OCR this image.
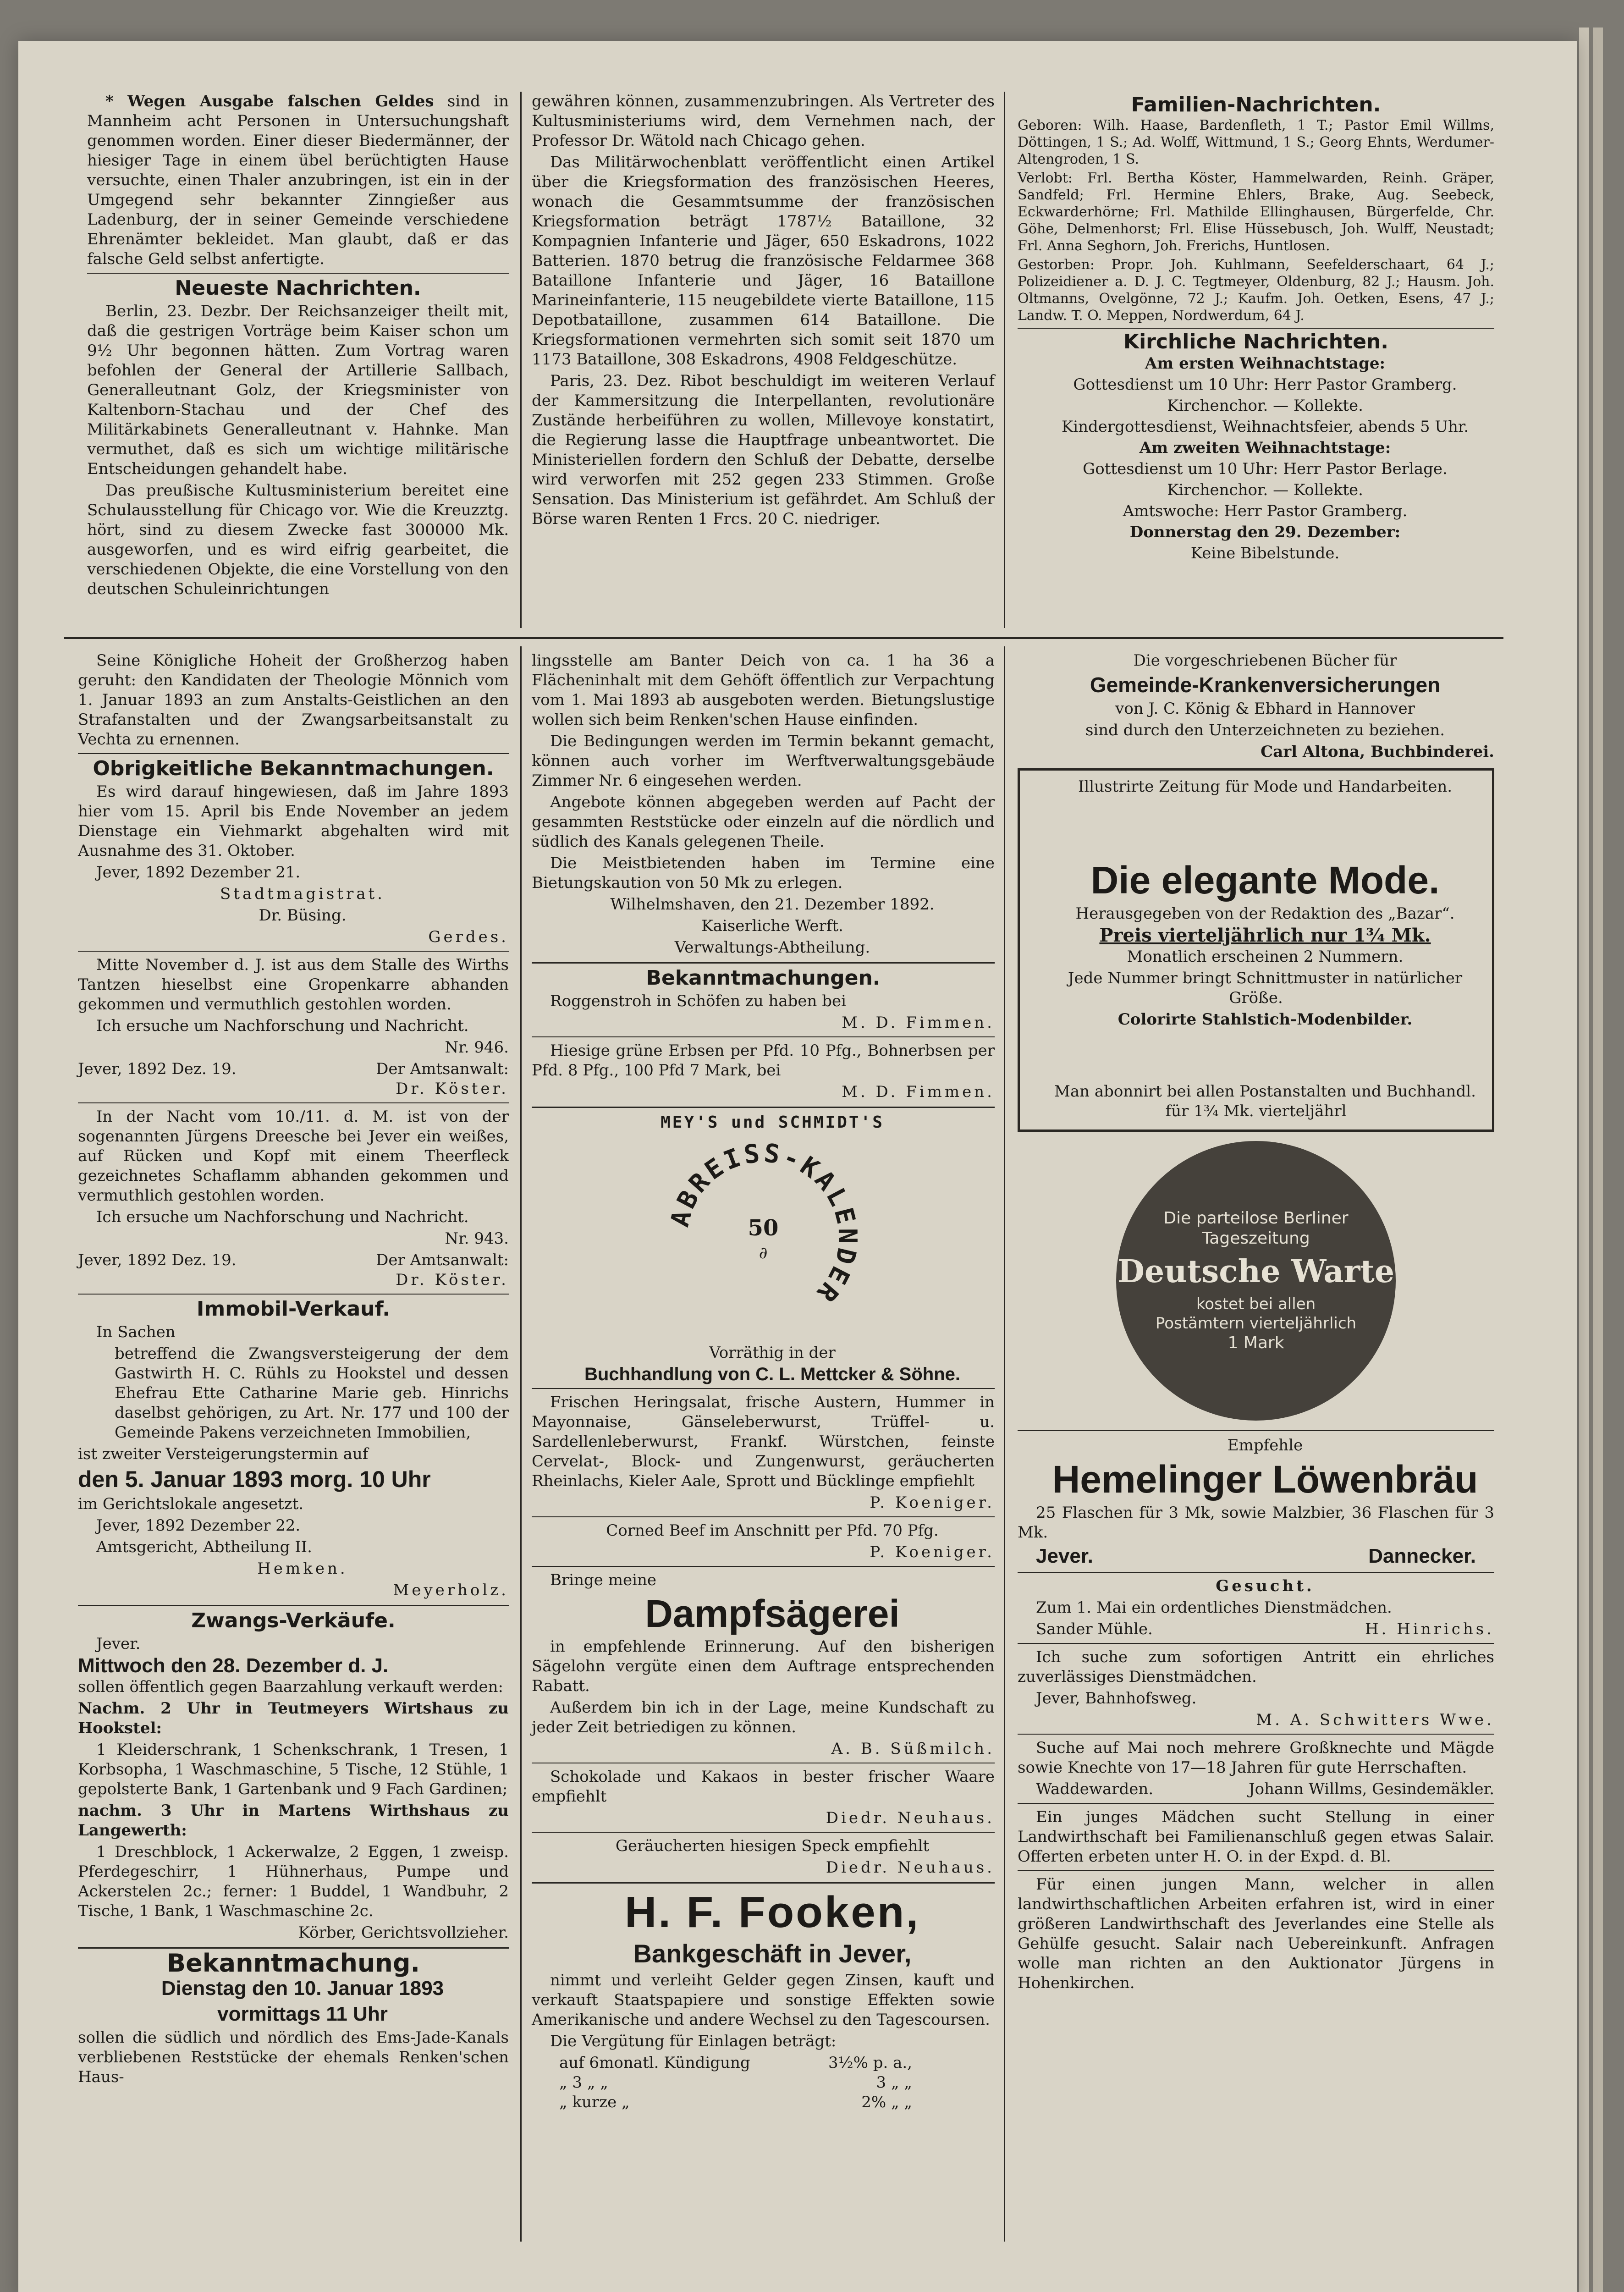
* Wegen Ausgabe falschen Geldes sind in Mannheim acht Personen in Untersuchungshaft genommen worden. Einer dieser Biedermänner, der hiesiger Tage in einem übel berüchtigten Hause versuchte, einen Thaler anzubringen, ist ein in der Umgegend sehr bekannter Zinngießer aus Ladenburg, der in seiner Gemeinde verschiedene Ehrenämter bekleidet. Man glaubt, daß er das falsche Geld selbst anfertigte.

Neueste Nachrichten.

Berlin, 23. Dezbr. Der Reichsanzeiger theilt mit, daß die gestrigen Vorträge beim Kaiser schon um 9½ Uhr begonnen hätten. Zum Vortrag waren befohlen der General der Artillerie Sallbach, Generalleutnant Golz, der Kriegsminister von Kaltenborn-Stachau und der Chef des Militärkabinets Generalleutnant v. Hahnke. Man vermuthet, daß es sich um wichtige militärische Entscheidungen gehandelt habe.

Das preußische Kultusministerium bereitet eine Schulausstellung für Chicago vor. Wie die Kreuzztg. hört, sind zu diesem Zwecke fast 300000 Mk. ausgeworfen, und es wird eifrig gearbeitet, die verschiedenen Objekte, die eine Vorstellung von den deutschen Schuleinrichtungen

gewähren können, zusammenzubringen. Als Vertreter des Kultusministeriums wird, dem Vernehmen nach, der Professor Dr. Wätold nach Chicago gehen.

Das Militärwochenblatt veröffentlicht einen Artikel über die Kriegsformation des französischen Heeres, wonach die Gesammtsumme der französischen Kriegsformation beträgt 1787½ Bataillone, 32 Kompagnien Infanterie und Jäger, 650 Eskadrons, 1022 Batterien. 1870 betrug die französische Feldarmee 368 Bataillone Infanterie und Jäger, 16 Bataillone Marineinfanterie, 115 neugebildete vierte Bataillone, 115 Depotbataillone, zusammen 614 Bataillone. Die Kriegsformationen vermehrten sich somit seit 1870 um 1173 Bataillone, 308 Eskadrons, 4908 Feldgeschütze.

Paris, 23. Dez. Ribot beschuldigt im weiteren Verlauf der Kammersitzung die Interpellanten, revolutionäre Zustände herbeiführen zu wollen, Millevoye konstatirt, die Regierung lasse die Hauptfrage unbeantwortet. Die Ministeriellen fordern den Schluß der Debatte, derselbe wird verworfen mit 252 gegen 233 Stimmen. Große Sensation. Das Ministerium ist gefährdet. Am Schluß der Börse waren Renten 1 Frcs. 20 C. niedriger.

Familien-Nachrichten.

Geboren: Wilh. Haase, Bardenfleth, 1 T.; Pastor Emil Willms, Döttingen, 1 S.; Ad. Wolff, Wittmund, 1 S.; Georg Ehnts, Werdumer-Altengroden, 1 S.

Verlobt: Frl. Bertha Köster, Hammelwarden, Reinh. Gräper, Sandfeld; Frl. Hermine Ehlers, Brake, Aug. Seebeck, Eckwarderhörne; Frl. Mathilde Ellinghausen, Bürgerfelde, Chr. Göhe, Delmenhorst; Frl. Elise Hüssebusch, Joh. Wulff, Neustadt; Frl. Anna Seghorn, Joh. Frerichs, Huntlosen.

Gestorben: Propr. Joh. Kuhlmann, Seefelderschaart, 64 J.; Polizeidiener a. D. J. C. Tegtmeyer, Oldenburg, 82 J.; Hausm. Joh. Oltmanns, Ovelgönne, 72 J.; Kaufm. Joh. Oetken, Esens, 47 J.; Landw. T. O. Meppen, Nordwerdum, 64 J.

Kirchliche Nachrichten.

Am ersten Weihnachtstage:

Gottesdienst um 10 Uhr: Herr Pastor Gramberg.

Kirchenchor. — Kollekte.

Kindergottesdienst, Weihnachtsfeier, abends 5 Uhr.

Am zweiten Weihnachtstage:

Gottesdienst um 10 Uhr: Herr Pastor Berlage.

Kirchenchor. — Kollekte.

Amtswoche: Herr Pastor Gramberg.

Donnerstag den 29. Dezember:

Keine Bibelstunde.

Seine Königliche Hoheit der Großherzog haben geruht: den Kandidaten der Theologie Mönnich vom 1. Januar 1893 an zum Anstalts-Geistlichen an den Strafanstalten und der Zwangsarbeitsanstalt zu Vechta zu ernennen.

Obrigkeitliche Bekanntmachungen.

Es wird darauf hingewiesen, daß im Jahre 1893 hier vom 15. April bis Ende November an jedem Dienstage ein Viehmarkt abgehalten wird mit Ausnahme des 31. Oktober.

Jever, 1892 Dezember 21.

Stadtmagistrat.

Dr. Büsing.

Gerdes.

Mitte November d. J. ist aus dem Stalle des Wirths Tantzen hieselbst eine Gropenkarre abhanden gekommen und vermuthlich gestohlen worden.

Ich ersuche um Nachforschung und Nachricht.

Nr. 946.

Jever, 1892 Dez. 19.	Der Amtsanwalt:

Dr. Köster.

In der Nacht vom 10./11. d. M. ist von der sogenannten Jürgens Dreesche bei Jever ein weißes, auf Rücken und Kopf mit einem Theerfleck gezeichnetes Schaflamm abhanden gekommen und vermuthlich gestohlen worden.

Ich ersuche um Nachforschung und Nachricht.

Nr. 943.

Jever, 1892 Dez. 19.	Der Amtsanwalt:

Dr. Köster.

Immobil-Verkauf.

In Sachen

betreffend die Zwangsversteigerung der dem Gastwirth H. C. Rühls zu Hookstel und dessen Ehefrau Ette Catharine Marie geb. Hinrichs daselbst gehörigen, zu Art. Nr. 177 und 100 der Gemeinde Pakens verzeichneten Immobilien,

ist zweiter Versteigerungstermin auf

den 5. Januar 1893 morg. 10 Uhr

im Gerichtslokale angesetzt.

Jever, 1892 Dezember 22.

Amtsgericht, Abtheilung II.

Hemken.

Meyerholz.

Zwangs-Verkäufe.

Jever.

Mittwoch den 28. Dezember d. J.

sollen öffentlich gegen Baarzahlung verkauft werden:

Nachm. 2 Uhr in Teutmeyers Wirtshaus zu Hookstel:

1 Kleiderschrank, 1 Schenkschrank, 1 Tresen, 1 Korbsopha, 1 Waschmaschine, 5 Tische, 12 Stühle, 1 gepolsterte Bank, 1 Gartenbank und 9 Fach Gardinen;

nachm. 3 Uhr in Martens Wirthshaus zu Langewerth:

1 Dreschblock, 1 Ackerwalze, 2 Eggen, 1 zweisp. Pferdegeschirr, 1 Hühnerhaus, Pumpe und Ackerstelen 2c.; ferner: 1 Buddel, 1 Wandbuhr, 2 Tische, 1 Bank, 1 Waschmaschine 2c.

Körber, Gerichtsvollzieher.

Bekanntmachung.

Dienstag den 10. Januar 1893

vormittags 11 Uhr

sollen die südlich und nördlich des Ems-Jade-Kanals verbliebenen Reststücke der ehemals Renken'schen Haus-

lingsstelle am Banter Deich von ca. 1 ha 36 a Flächeninhalt mit dem Gehöft öffentlich zur Verpachtung vom 1. Mai 1893 ab ausgeboten werden. Bietungslustige wollen sich beim Renken'schen Hause einfinden.

Die Bedingungen werden im Termin bekannt gemacht, können auch vorher im Werftverwaltungsgebäude Zimmer Nr. 6 eingesehen werden.

Angebote können abgegeben werden auf Pacht der gesammten Reststücke oder einzeln auf die nördlich und südlich des Kanals gelegenen Theile.

Die Meistbietenden haben im Termine eine Bietungskaution von 50 Mk zu erlegen.

Wilhelmshaven, den 21. Dezember 1892.

Kaiserliche Werft.

Verwaltungs-Abtheilung.

Bekanntmachungen.

Roggenstroh in Schöfen zu haben bei

M. D. Fimmen.

Hiesige grüne Erbsen per Pfd. 10 Pfg., Bohnerbsen per Pfd. 8 Pfg., 100 Pfd 7 Mark, bei

M. D. Fimmen.

MEY'S und SCHMIDT'S

ABREISS-KALENDER
50
∂

Vorräthig in der

Buchhandlung von C. L. Mettcker & Söhne.

Frischen Heringsalat, frische Austern, Hummer in Mayonnaise, Gänseleberwurst, Trüffel- u. Sardellenleberwurst, Frankf. Würstchen, feinste Cervelat-, Block- und Zungenwurst, geräucherten Rheinlachs, Kieler Aale, Sprott und Bücklinge empfiehlt

P. Koeniger.

Corned Beef im Anschnitt per Pfd. 70 Pfg.

P. Koeniger.

Bringe meine

Dampfsägerei

in empfehlende Erinnerung. Auf den bisherigen Sägelohn vergüte einen dem Auftrage entsprechenden Rabatt.

Außerdem bin ich in der Lage, meine Kundschaft zu jeder Zeit betriedigen zu können.

A. B. Süßmilch.

Schokolade und Kakaos in bester frischer Waare empfiehlt

Diedr. Neuhaus.

Geräucherten hiesigen Speck empfiehlt

Diedr. Neuhaus.

H. F. Fooken,

Bankgeschäft in Jever,

nimmt und verleiht Gelder gegen Zinsen, kauft und verkauft Staatspapiere und sonstige Effekten sowie Amerikanische und andere Wechsel zu den Tagescoursen.

Die Vergütung für Einlagen beträgt:

auf 6monatl. Kündigung	3½% p. a.,
„ 3 „ „	3 „ „
„ kurze „	2% „ „

Die vorgeschriebenen Bücher für

Gemeinde-Krankenversicherungen

von J. C. König & Ebhard in Hannover

sind durch den Unterzeichneten zu beziehen.

Carl Altona, Buchbinderei.

Illustrirte Zeitung für Mode und Handarbeiten.

Die elegante Mode.

Herausgegeben von der Redaktion des „Bazar“.

Preis vierteljährlich nur 1¾ Mk.

Monatlich erscheinen 2 Nummern.

Jede Nummer bringt Schnittmuster in natürlicher Größe.

Colorirte Stahlstich-Modenbilder.

Man abonnirt bei allen Postanstalten und Buchhandl. für 1¾ Mk. vierteljährl

Die parteilose Berliner Tageszeitung
Deutsche Warte
kostet bei allen Postämtern vierteljährlich
1 Mark

Empfehle

Hemelinger Löwenbräu

25 Flaschen für 3 Mk, sowie Malzbier, 36 Flaschen für 3 Mk.

Jever.	Dannecker.

Gesucht.

Zum 1. Mai ein ordentliches Dienstmädchen.

Sander Mühle.	H. Hinrichs.

Ich suche zum sofortigen Antritt ein ehrliches zuverlässiges Dienstmädchen.

Jever, Bahnhofsweg.

M. A. Schwitters Wwe.

Suche auf Mai noch mehrere Großknechte und Mägde sowie Knechte von 17—18 Jahren für gute Herrschaften.

Waddewarden.	Johann Willms, Gesindemäkler.

Ein junges Mädchen sucht Stellung in einer Landwirthschaft bei Familienanschluß gegen etwas Salair. Offerten erbeten unter H. O. in der Expd. d. Bl.

Für einen jungen Mann, welcher in allen landwirthschaftlichen Arbeiten erfahren ist, wird in einer größeren Landwirthschaft des Jeverlandes eine Stelle als Gehülfe gesucht. Salair nach Uebereinkunft. Anfragen wolle man richten an den Auktionator Jürgens in Hohenkirchen.
